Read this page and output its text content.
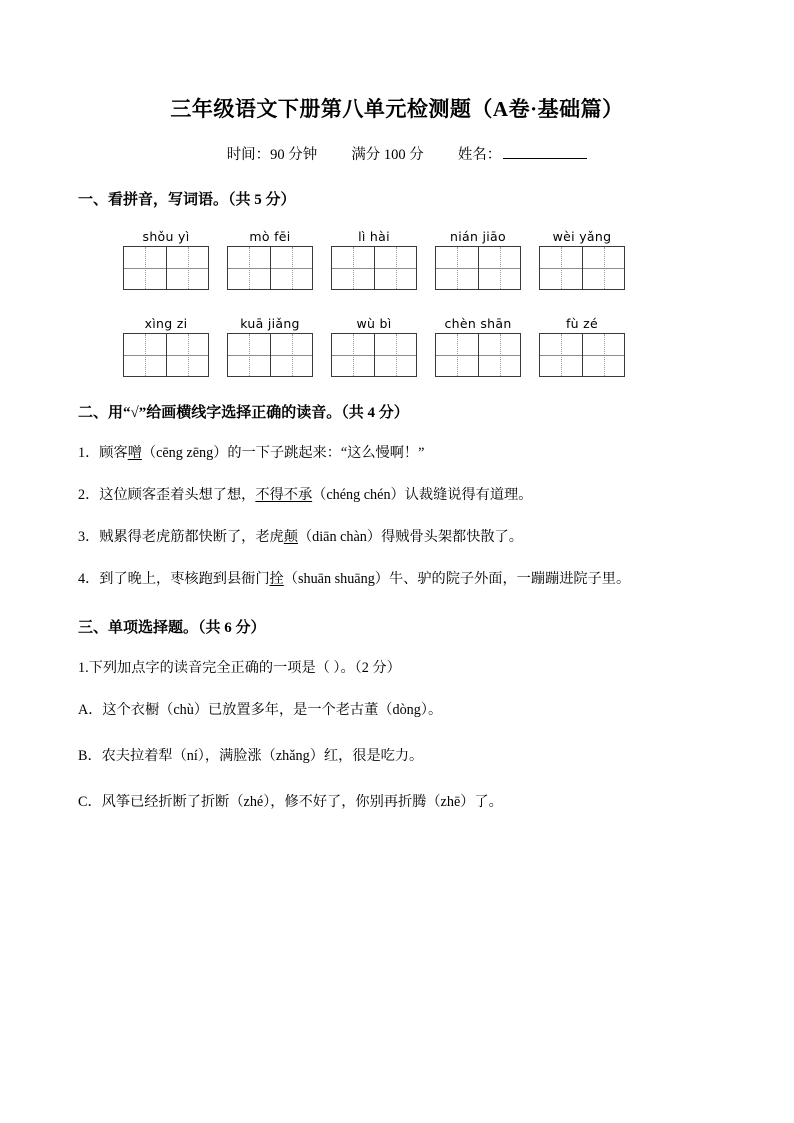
三年级语文下册第八单元检测题（A卷·基础篇）
时间：90 分钟 满分 100 分 姓名：
一、看拼音，写词语。（共 5 分）
shǒu yì	mò fēi	lì hài	nián jiāo	wèi yǎng
xìng zi	kuā jiǎng	wù bì	chèn shān	fù zé
二、用“√”给画横线字选择正确的读音。（共 4 分）

1．顾客噌（cēng zēng）的一下子跳起来：“这么慢啊！”

2．这位顾客歪着头想了想，不得不承（chéng chén）认裁缝说得有道理。

3．贼累得老虎筋都快断了，老虎颠（diān chàn）得贼骨头架都快散了。

4．到了晚上，枣核跑到县衙门拴（shuān shuāng）牛、驴的院子外面，一蹦蹦进院子里。

三、单项选择题。（共 6 分）

1.下列加点字的读音完全正确的一项是（ ）。（2 分）

A．这个衣橱（chù）已放置多年，是一个老古董（dòng）。

B．农夫拉着犁（ní），满脸涨（zhǎng）红，很是吃力。

C．风筝已经折断了折断（zhé），修不好了，你别再折腾（zhē）了。
